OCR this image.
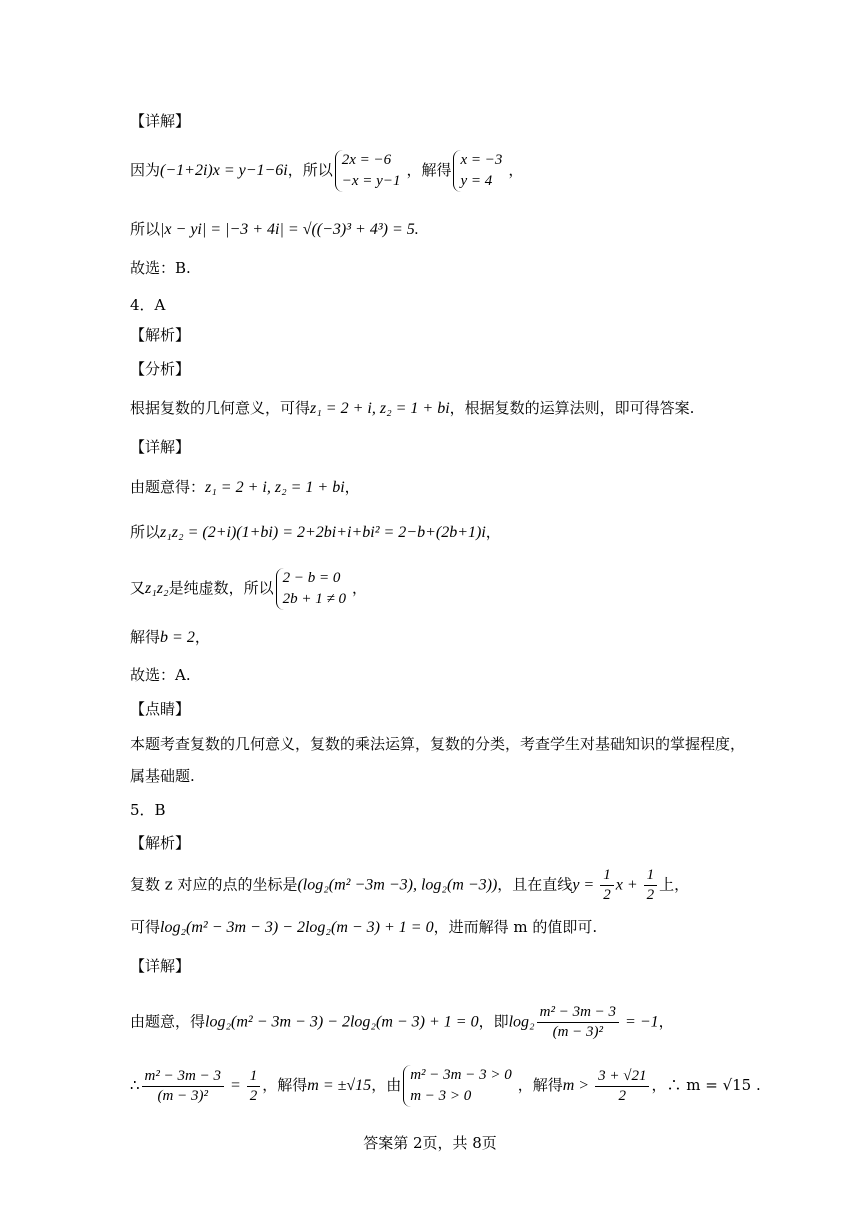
【详解】
因为(−1+2i)x = y−1−6i，所以
2x = −6
−x = y−1
，解得
x = −3
y = 4
，
所以|x − yi| = |−3 + 4i| = √((−3)³ + 4³) = 5.
故选：B.
4．A
【解析】
【分析】
根据复数的几何意义，可得z₁ = 2 + i, z₂ = 1 + bi，根据复数的运算法则，即可得答案.
【详解】
由题意得：z₁ = 2 + i, z₂ = 1 + bi，
所以z₁z₂ = (2+i)(1+bi) = 2+2bi+i+bi² = 2−b+(2b+1)i，
又z₁z₂是纯虚数，所以
2 − b = 0
2b + 1 ≠ 0
，
解得b = 2，
故选：A.
【点睛】
本题考查复数的几何意义，复数的乘法运算，复数的分类，考查学生对基础知识的掌握程度，
属基础题.
5．B
【解析】
复数 z 对应的点的坐标是(log₂(m² −3m −3), log₂(m −3))，且在直线$y = \frac{1}{2}$ $x + \frac{1}{2}$ 上，
可得log₂(m² − 3m − 3) − 2log₂(m − 3) + 1 = 0，进而解得 m 的值即可.
【详解】
由题意，得log₂(m² − 3m − 3) − 2log₂(m − 3) + 1 = 0，即$\log_2 \frac{\text{m² − 3m − 3}}{\text{(m − 3)²}} = -1$，
∴ $\frac{\text{m² − 3m − 3}}{\text{(m − 3)²}} = \frac{1}{2}$ ，解得m = ±√15，由
m² − 3m − 3 > 0
m − 3 > 0
，解得$m > \frac{3 + √21}{2}$ ，∴ m = √15 .
答案第 2页，共 8页
